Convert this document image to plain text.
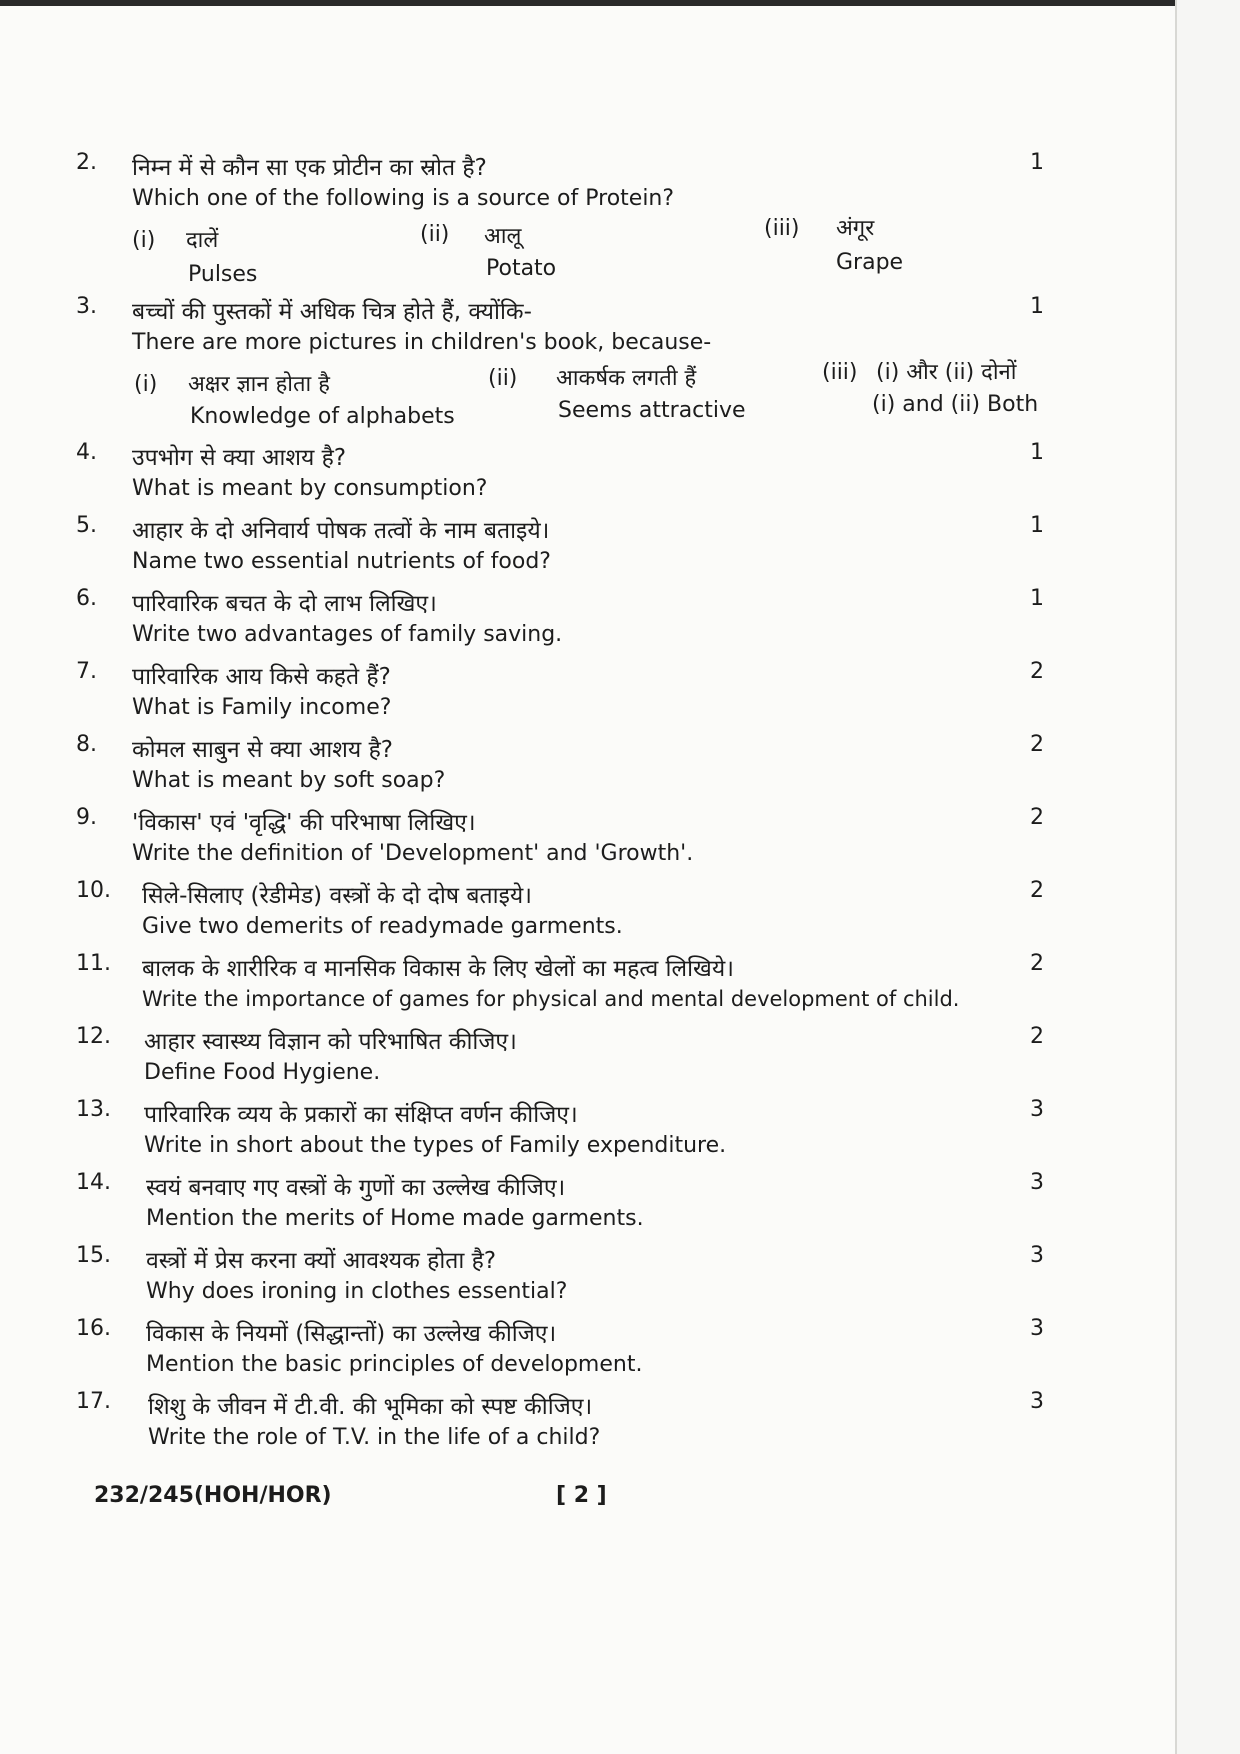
2. निम्न में से कौन सा एक प्रोटीन का स्रोत है?	1
Which one of the following is a source of Protein?
(i) दालें
Pulses
(ii) आलू
Potato
(iii) अंगूर
Grape
3. बच्चों की पुस्तकों में अधिक चित्र होते हैं, क्योंकि-	1
There are more pictures in children's book, because-
(i) अक्षर ज्ञान होता है
Knowledge of alphabets
(ii) आकर्षक लगती हैं
Seems attractive
(iii) (i) और (ii) दोनों
(i) and (ii) Both
4. उपभोग से क्या आशय है?	1
What is meant by consumption?
5. आहार के दो अनिवार्य पोषक तत्वों के नाम बताइये।	1
Name two essential nutrients of food?
6. पारिवारिक बचत के दो लाभ लिखिए।	1
Write two advantages of family saving.
7. पारिवारिक आय किसे कहते हैं?	2
What is Family income?
8. कोमल साबुन से क्या आशय है?	2
What is meant by soft soap?
9. 'विकास' एवं 'वृद्धि' की परिभाषा लिखिए।	2
Write the definition of 'Development' and 'Growth'.
10. सिले-सिलाए (रेडीमेड) वस्त्रों के दो दोष बताइये।	2
Give two demerits of readymade garments.
11. बालक के शारीरिक व मानसिक विकास के लिए खेलों का महत्व लिखिये।	2
Write the importance of games for physical and mental development of child.
12. आहार स्वास्थ्य विज्ञान को परिभाषित कीजिए।	2
Define Food Hygiene.
13. पारिवारिक व्यय के प्रकारों का संक्षिप्त वर्णन कीजिए।	3
Write in short about the types of Family expenditure.
14. स्वयं बनवाए गए वस्त्रों के गुणों का उल्लेख कीजिए।	3
Mention the merits of Home made garments.
15. वस्त्रों में प्रेस करना क्यों आवश्यक होता है?	3
Why does ironing in clothes essential?
16. विकास के नियमों (सिद्धान्तों) का उल्लेख कीजिए।	3
Mention the basic principles of development.
17. शिशु के जीवन में टी.वी. की भूमिका को स्पष्ट कीजिए।	3
Write the role of T.V. in the life of a child?
232/245(HOH/HOR)	[ 2 ]
